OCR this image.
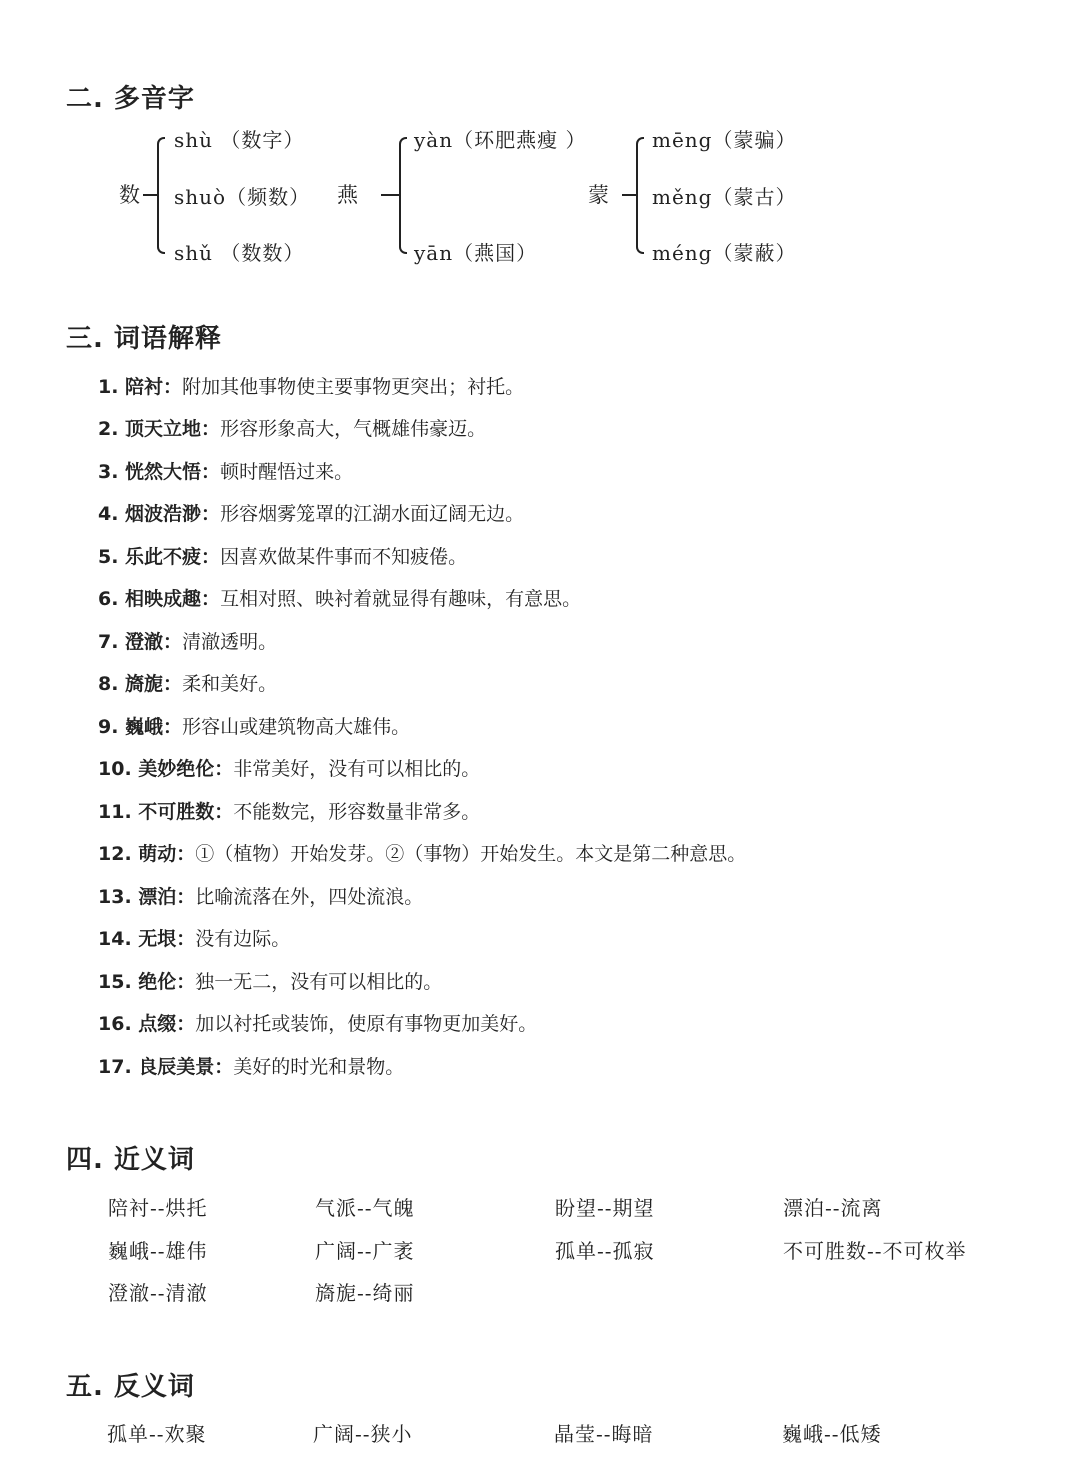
二. 多音字
数
shù （数字）
shuò（频数）
shǔ （数数）
燕
yàn（环肥燕瘦 ）
yān（燕国）
蒙
mēng（蒙骗）
měng（蒙古）
méng（蒙蔽）
三. 词语解释
1. 陪衬：附加其他事物使主要事物更突出；衬托。
2. 顶天立地：形容形象高大，气概雄伟豪迈。
3. 恍然大悟：顿时醒悟过来。
4. 烟波浩渺：形容烟雾笼罩的江湖水面辽阔无边。
5. 乐此不疲：因喜欢做某件事而不知疲倦。
6. 相映成趣：互相对照、映衬着就显得有趣味，有意思。
7. 澄澈：清澈透明。
8. 旖旎：柔和美好。
9. 巍峨：形容山或建筑物高大雄伟。
10. 美妙绝伦：非常美好，没有可以相比的。
11. 不可胜数：不能数完，形容数量非常多。
12. 萌动：①（植物）开始发芽。②（事物）开始发生。本文是第二种意思。
13. 漂泊：比喻流落在外，四处流浪。
14. 无垠：没有边际。
15. 绝伦：独一无二，没有可以相比的。
16. 点缀：加以衬托或装饰，使原有事物更加美好。
17. 良辰美景：美好的时光和景物。
四. 近义词
陪衬--烘托	气派--气魄	盼望--期望	漂泊--流离
巍峨--雄伟	广阔--广袤	孤单--孤寂	不可胜数--不可枚举
澄澈--清澈	旖旎--绮丽
五. 反义词
孤单--欢聚	广阔--狭小	晶莹--晦暗	巍峨--低矮
